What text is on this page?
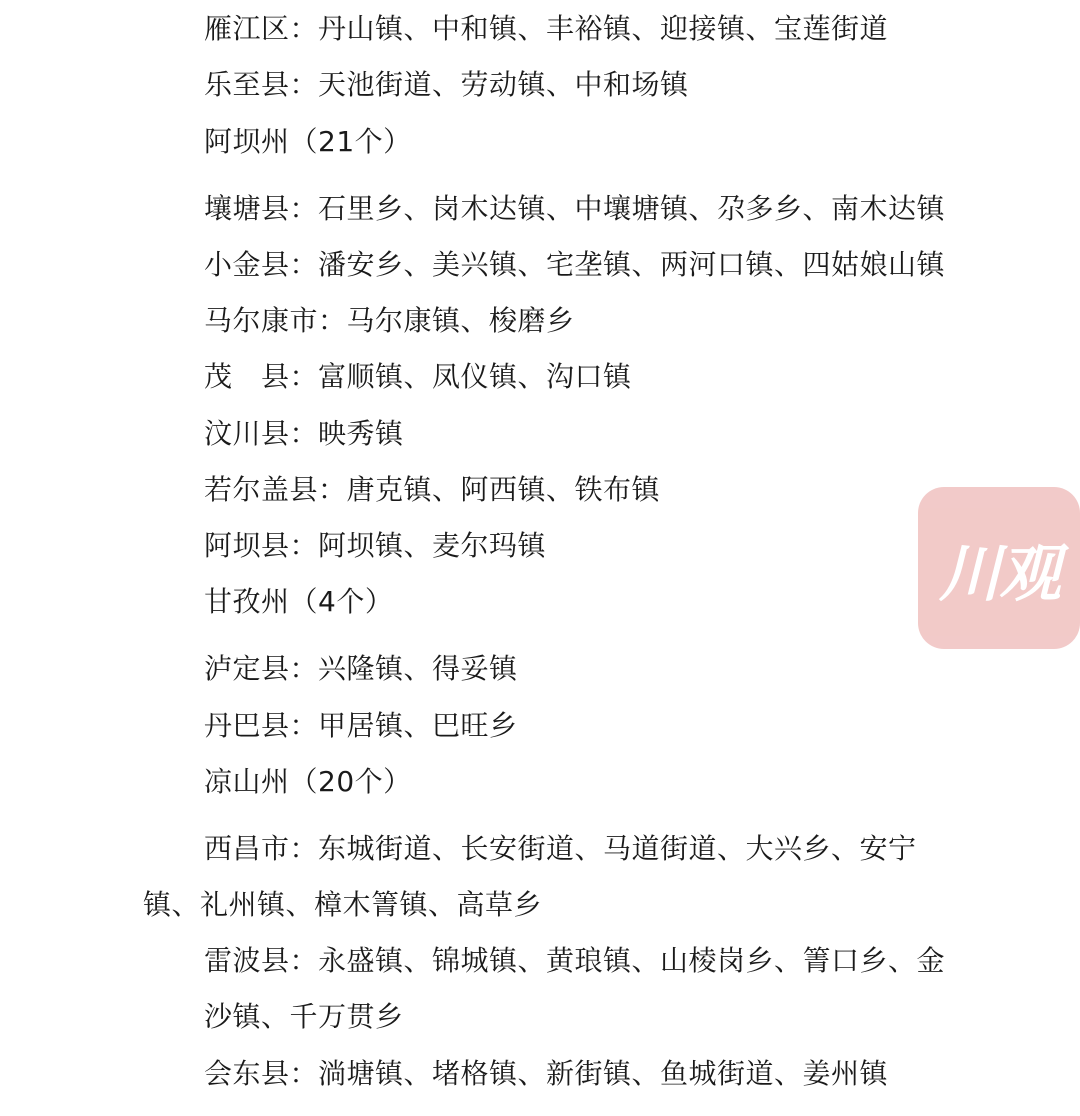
雁江区：丹山镇、中和镇、丰裕镇、迎接镇、宝莲街道
乐至县：天池街道、劳动镇、中和场镇
阿坝州（21个）
壤塘县：石里乡、岗木达镇、中壤塘镇、尕多乡、南木达镇
小金县：潘安乡、美兴镇、宅垄镇、两河口镇、四姑娘山镇
马尔康市：马尔康镇、梭磨乡
茂　县：富顺镇、凤仪镇、沟口镇
汶川县：映秀镇
若尔盖县：唐克镇、阿西镇、铁布镇
阿坝县：阿坝镇、麦尔玛镇
甘孜州（4个）
泸定县：兴隆镇、得妥镇
丹巴县：甲居镇、巴旺乡
凉山州（20个）
西昌市：东城街道、长安街道、马道街道、大兴乡、安宁
镇、礼州镇、樟木箐镇、高草乡
雷波县：永盛镇、锦城镇、黄琅镇、山棱岗乡、箐口乡、金
沙镇、千万贯乡
会东县：淌塘镇、堵格镇、新街镇、鱼城街道、姜州镇
川观
